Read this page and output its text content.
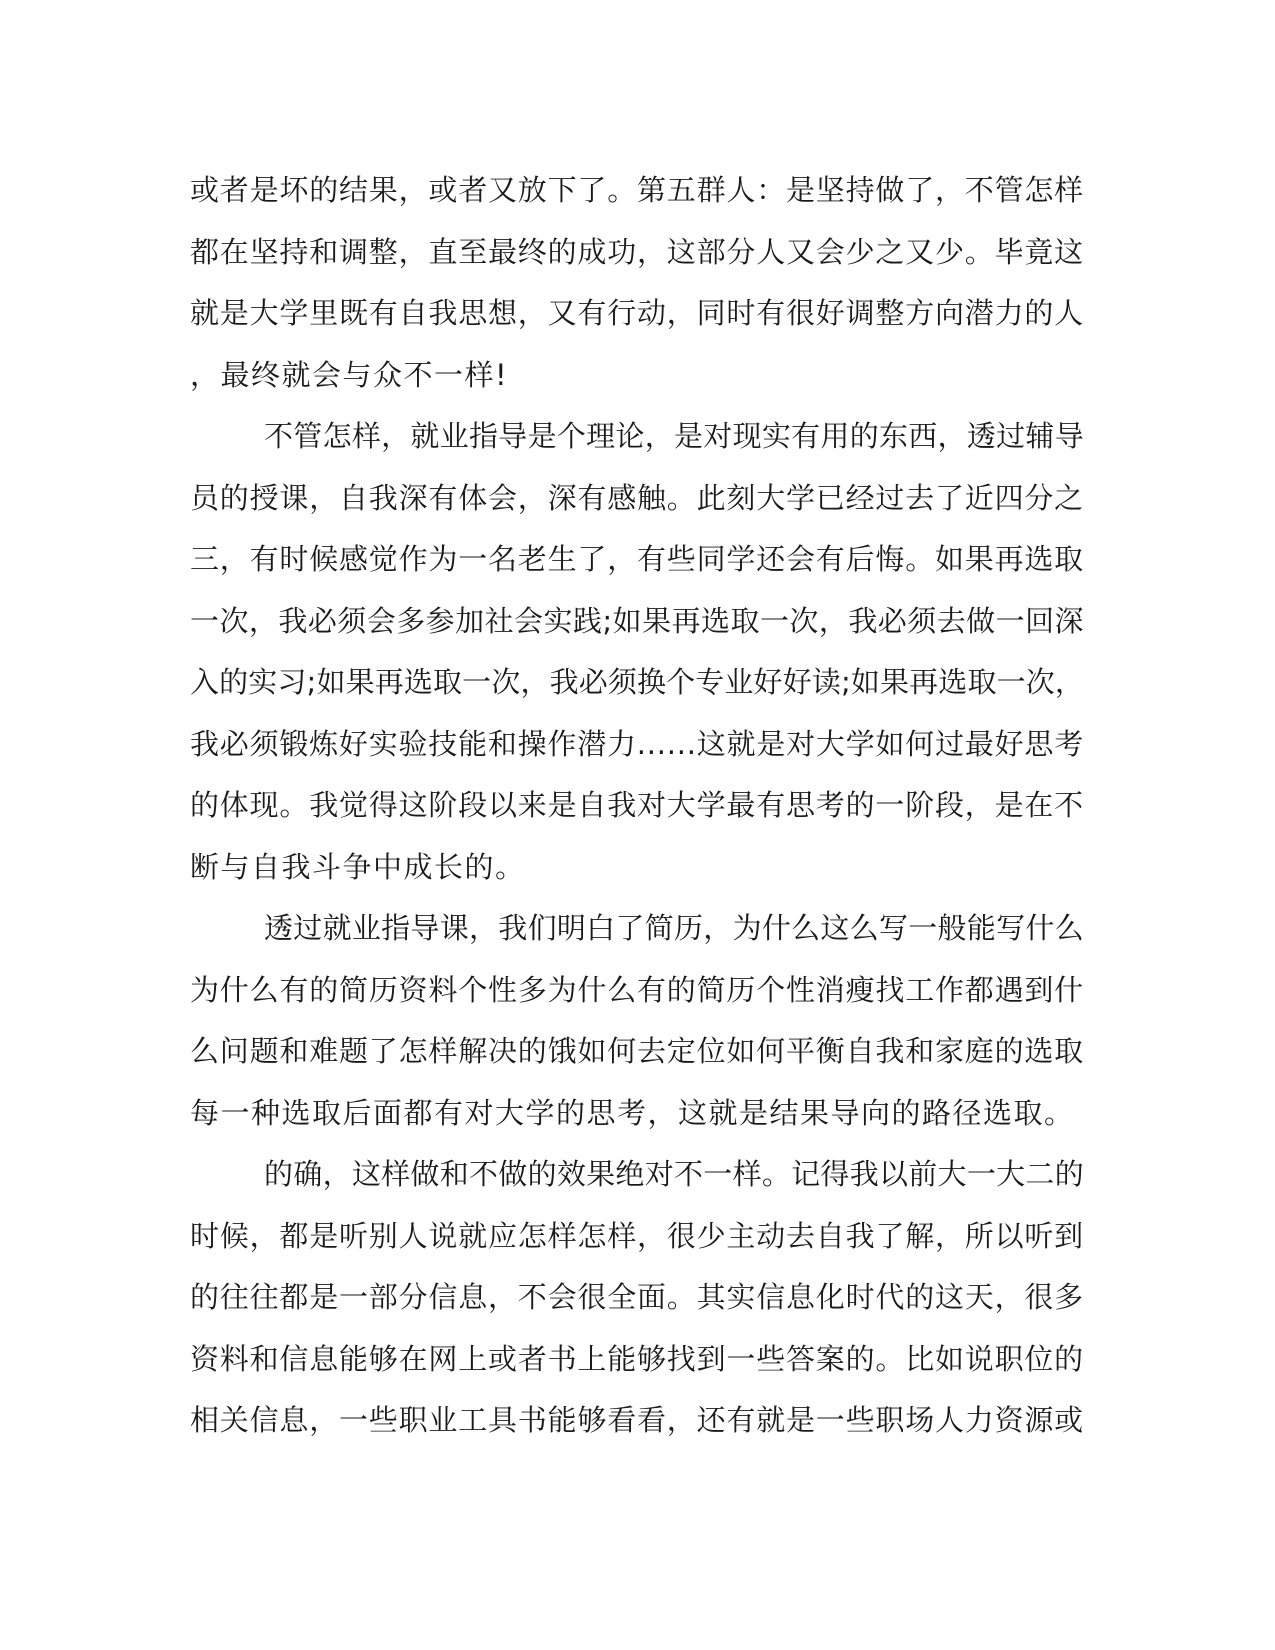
或者是坏的结果，或者又放下了。第五群人：是坚持做了，不管怎样
都在坚持和调整，直至最终的成功，这部分人又会少之又少。毕竟这
就是大学里既有自我思想，又有行动，同时有很好调整方向潜力的人
，最终就会与众不一样!
不管怎样，就业指导是个理论，是对现实有用的东西，透过辅导
员的授课，自我深有体会，深有感触。此刻大学已经过去了近四分之
三，有时候感觉作为一名老生了，有些同学还会有后悔。如果再选取
一次，我必须会多参加社会实践;如果再选取一次，我必须去做一回深
入的实习;如果再选取一次，我必须换个专业好好读;如果再选取一次，
我必须锻炼好实验技能和操作潜力......这就是对大学如何过最好思考
的体现。我觉得这阶段以来是自我对大学最有思考的一阶段，是在不
断与自我斗争中成长的。
透过就业指导课，我们明白了简历，为什么这么写一般能写什么
为什么有的简历资料个性多为什么有的简历个性消瘦找工作都遇到什
么问题和难题了怎样解决的饿如何去定位如何平衡自我和家庭的选取
每一种选取后面都有对大学的思考，这就是结果导向的路径选取。
的确，这样做和不做的效果绝对不一样。记得我以前大一大二的
时候，都是听别人说就应怎样怎样，很少主动去自我了解，所以听到
的往往都是一部分信息，不会很全面。其实信息化时代的这天，很多
资料和信息能够在网上或者书上能够找到一些答案的。比如说职位的
相关信息，一些职业工具书能够看看，还有就是一些职场人力资源或
